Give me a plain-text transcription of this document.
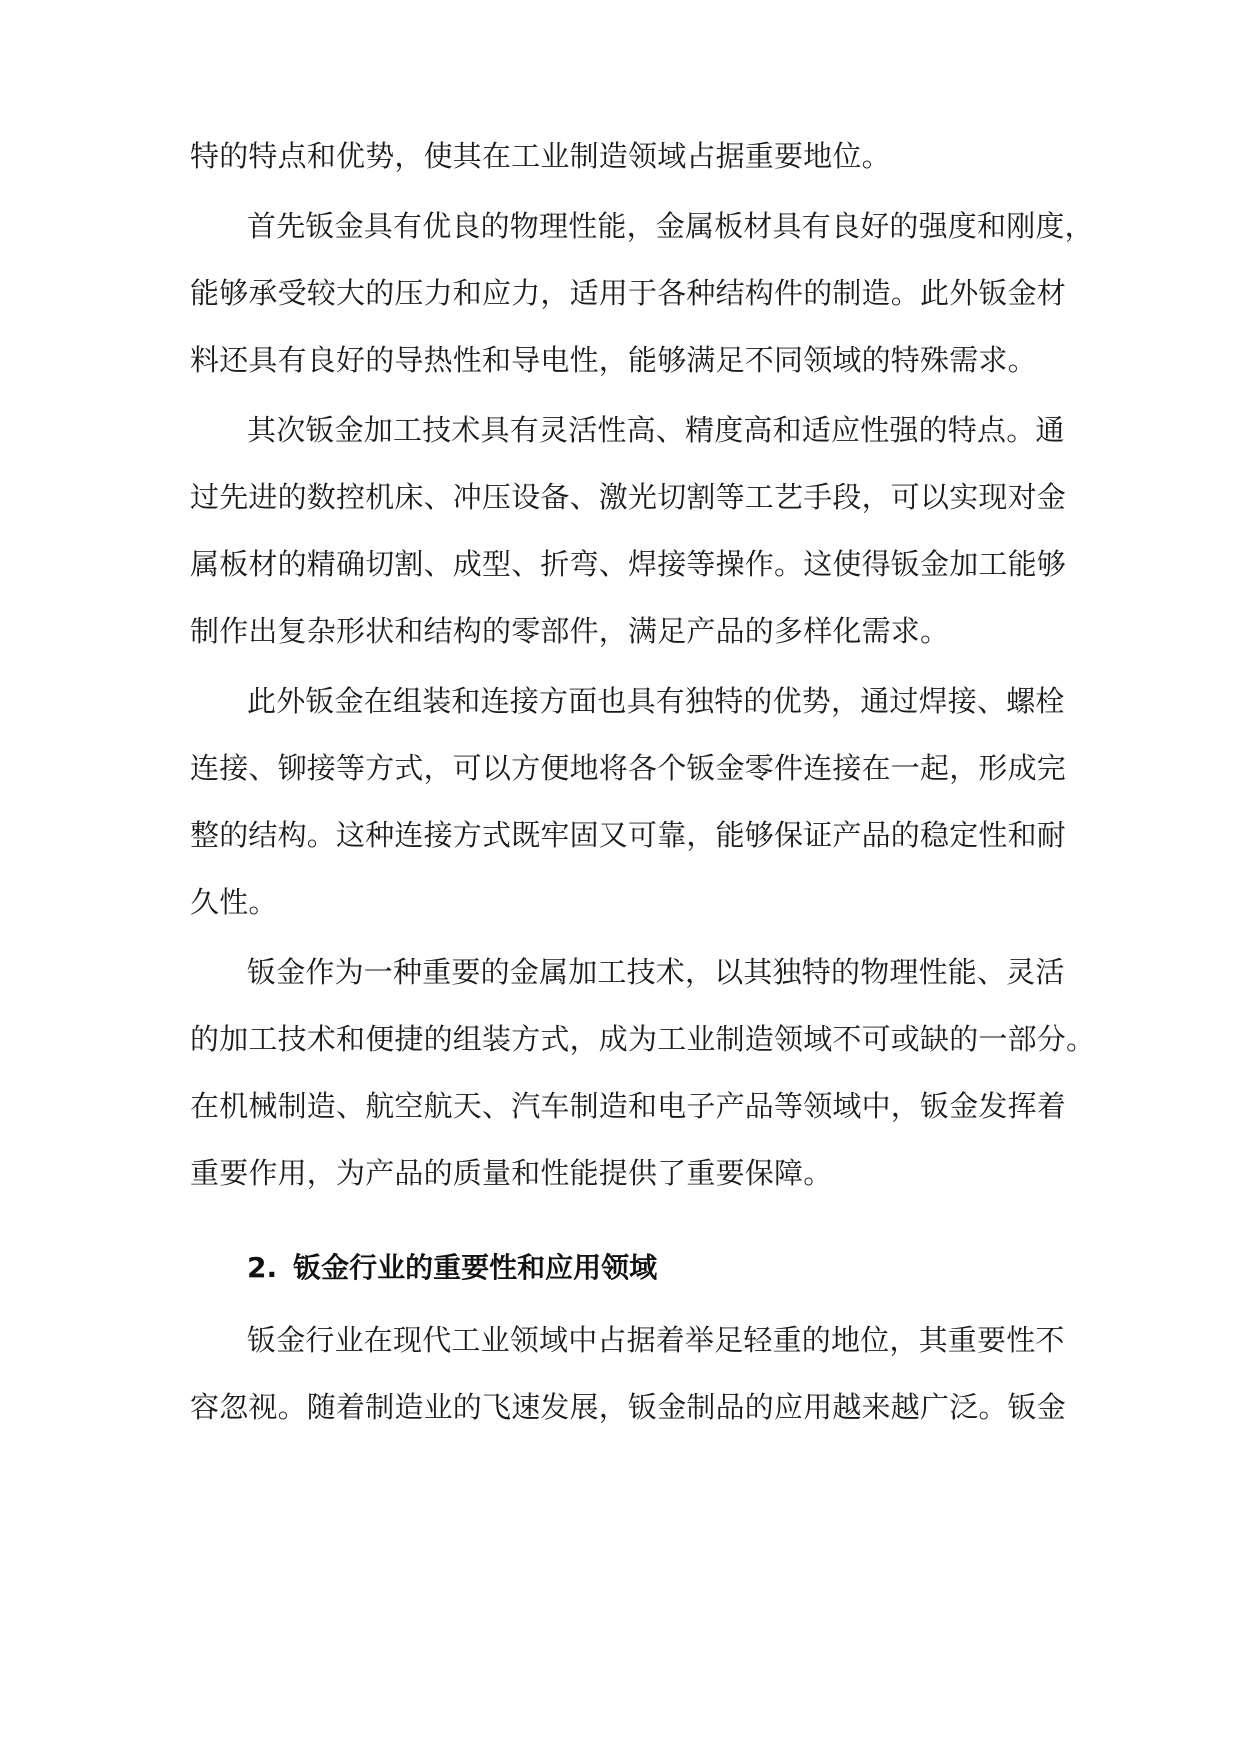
特的特点和优势，使其在工业制造领域占据重要地位。
首先钣金具有优良的物理性能，金属板材具有良好的强度和刚度，
能够承受较大的压力和应力，适用于各种结构件的制造。此外钣金材
料还具有良好的导热性和导电性，能够满足不同领域的特殊需求。
其次钣金加工技术具有灵活性高、精度高和适应性强的特点。通
过先进的数控机床、冲压设备、激光切割等工艺手段，可以实现对金
属板材的精确切割、成型、折弯、焊接等操作。这使得钣金加工能够
制作出复杂形状和结构的零部件，满足产品的多样化需求。
此外钣金在组装和连接方面也具有独特的优势，通过焊接、螺栓
连接、铆接等方式，可以方便地将各个钣金零件连接在一起，形成完
整的结构。这种连接方式既牢固又可靠，能够保证产品的稳定性和耐
久性。
钣金作为一种重要的金属加工技术，以其独特的物理性能、灵活
的加工技术和便捷的组装方式，成为工业制造领域不可或缺的一部分。
在机械制造、航空航天、汽车制造和电子产品等领域中，钣金发挥着
重要作用，为产品的质量和性能提供了重要保障。
2. 钣金行业的重要性和应用领域
钣金行业在现代工业领域中占据着举足轻重的地位，其重要性不
容忽视。随着制造业的飞速发展，钣金制品的应用越来越广泛。钣金
